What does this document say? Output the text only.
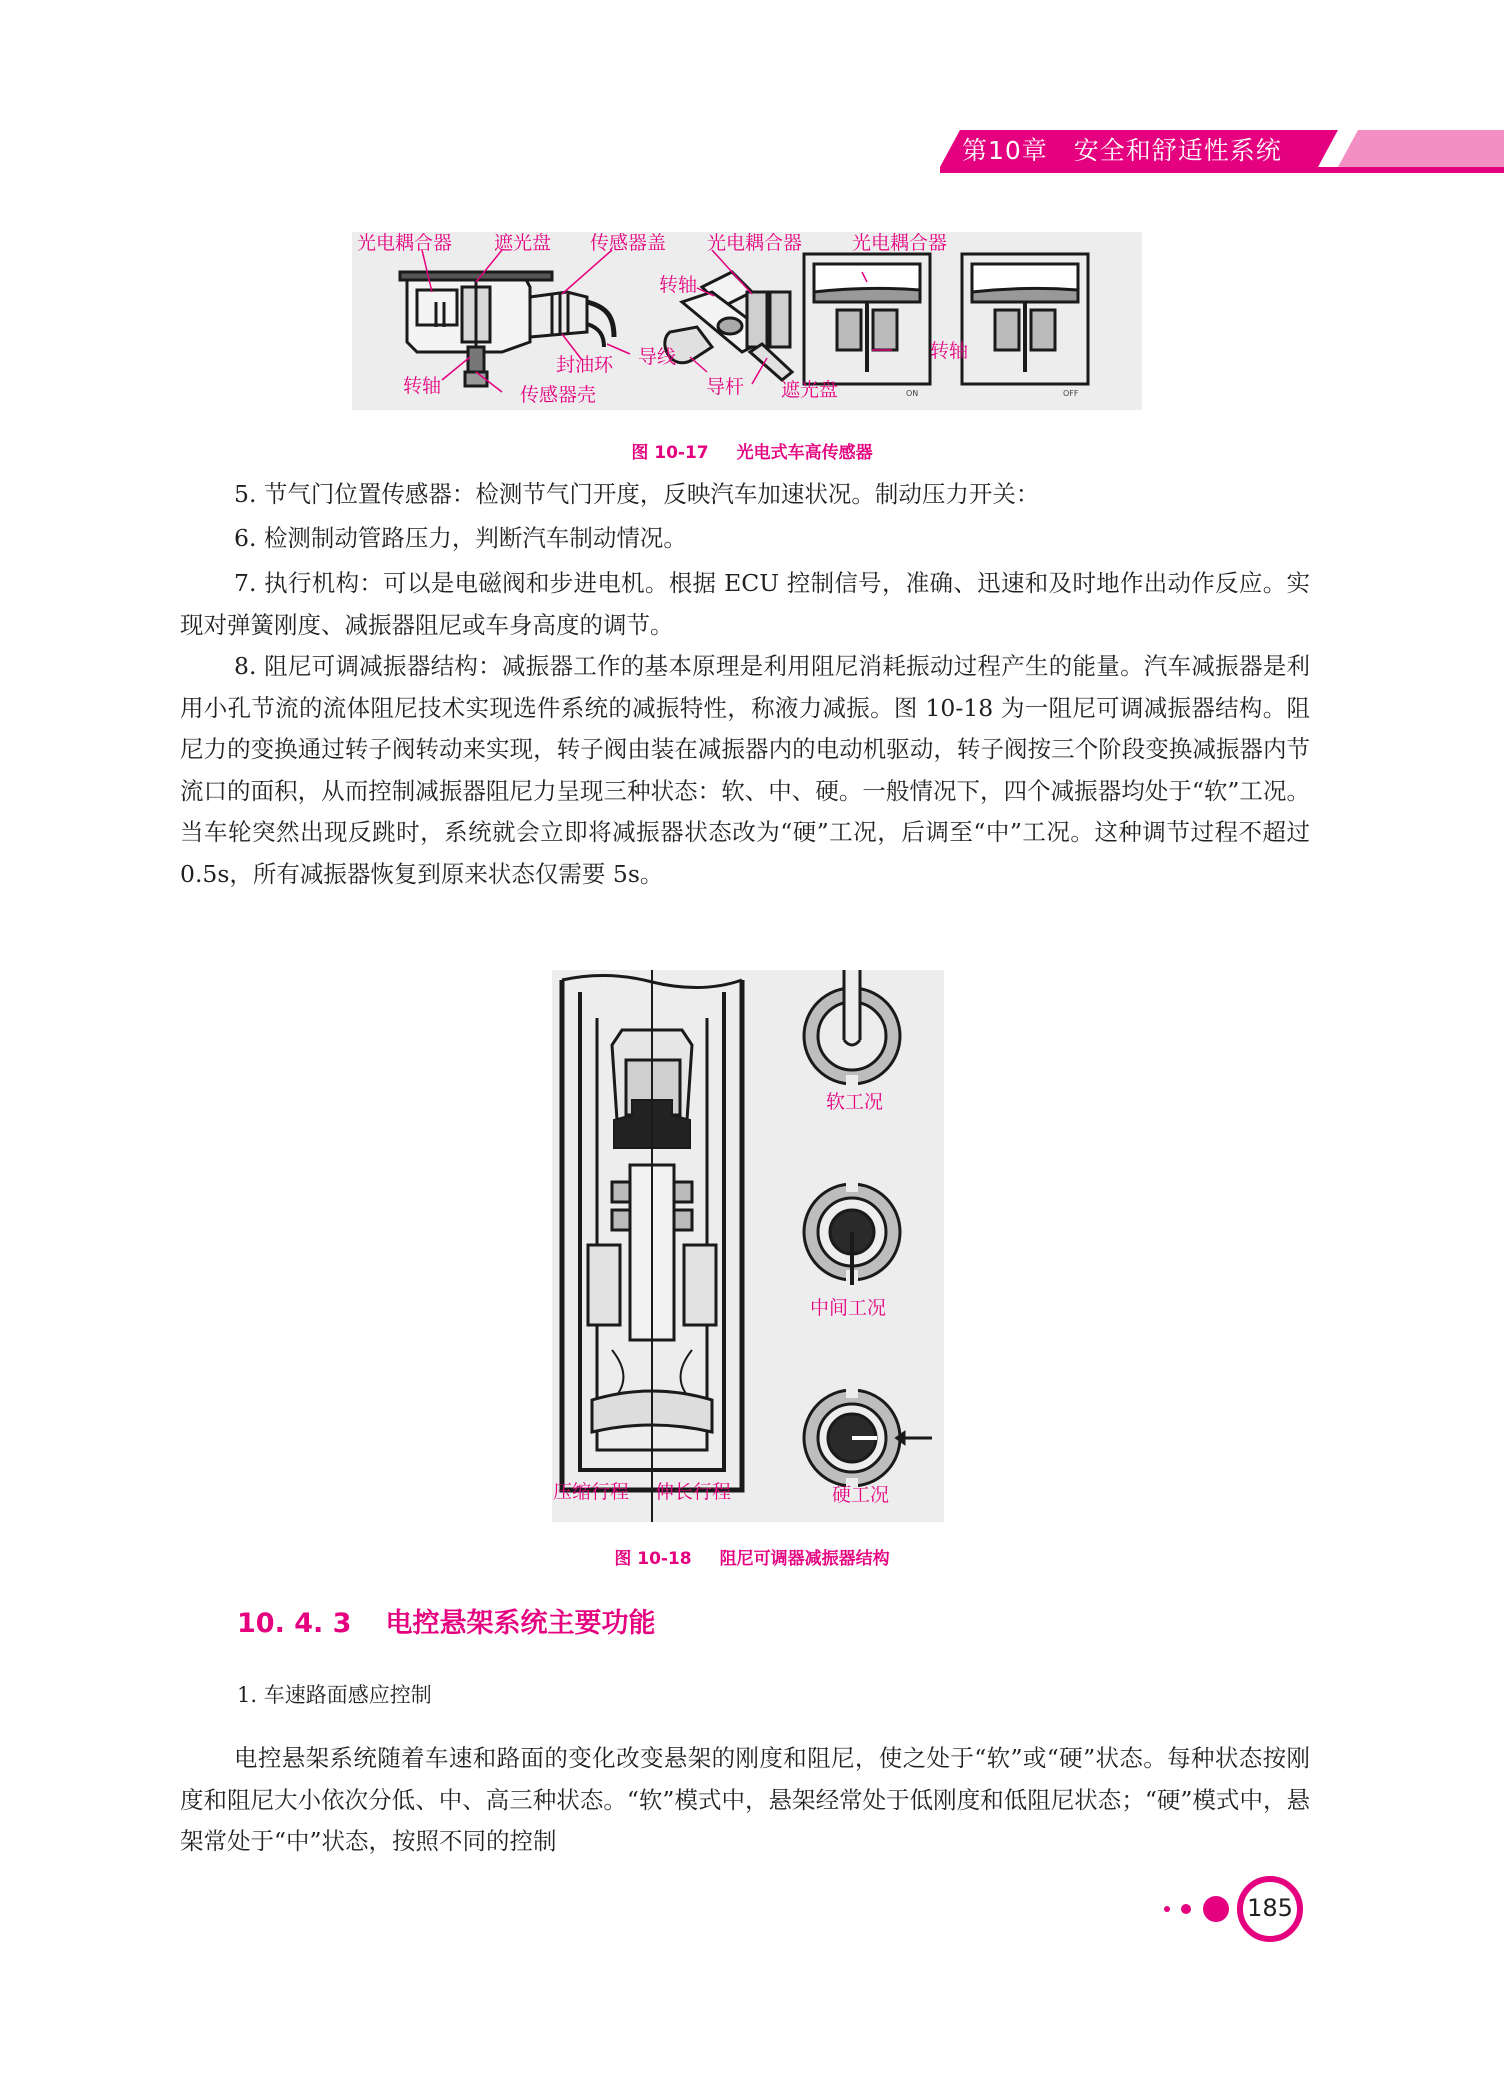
第10章　安全和舒适性系统
光电耦合器 遮光盘 传感器盖 光电耦合器	光电耦合器
转轴
封油环 导线
转轴	传感器壳	导杆 遮光盘
转轴
ON	OFF
图 10-17 光电式车高传感器
5. 节气门位置传感器：检测节气门开度，反映汽车加速状况。制动压力开关：
6. 检测制动管路压力，判断汽车制动情况。
7. 执行机构：可以是电磁阀和步进电机。根据 ECU 控制信号，准确、迅速和及时地作出动作反应。实现对弹簧刚度、减振器阻尼或车身高度的调节。
8. 阻尼可调减振器结构：减振器工作的基本原理是利用阻尼消耗振动过程产生的能量。汽车减振器是利用小孔节流的流体阻尼技术实现选件系统的减振特性，称液力减振。图 10-18 为一阻尼可调减振器结构。阻尼力的变换通过转子阀转动来实现，转子阀由装在减振器内的电动机驱动，转子阀按三个阶段变换减振器内节流口的面积，从而控制减振器阻尼力呈现三种状态：软、中、硬。一般情况下，四个减振器均处于“软”工况。当车轮突然出现反跳时，系统就会立即将减振器状态改为“硬”工况，后调至“中”工况。这种调节过程不超过 0.5s，所有减振器恢复到原来状态仅需要 5s。
软工况
中间工况
硬工况
压缩行程 伸长行程
图 10-18 阻尼可调器减振器结构
10. 4. 3 电控悬架系统主要功能
1. 车速路面感应控制
电控悬架系统随着车速和路面的变化改变悬架的刚度和阻尼，使之处于“软”或“硬”状态。每种状态按刚度和阻尼大小依次分低、中、高三种状态。“软”模式中，悬架经常处于低刚度和低阻尼状态；“硬”模式中，悬架常处于“中”状态，按照不同的控制
185
